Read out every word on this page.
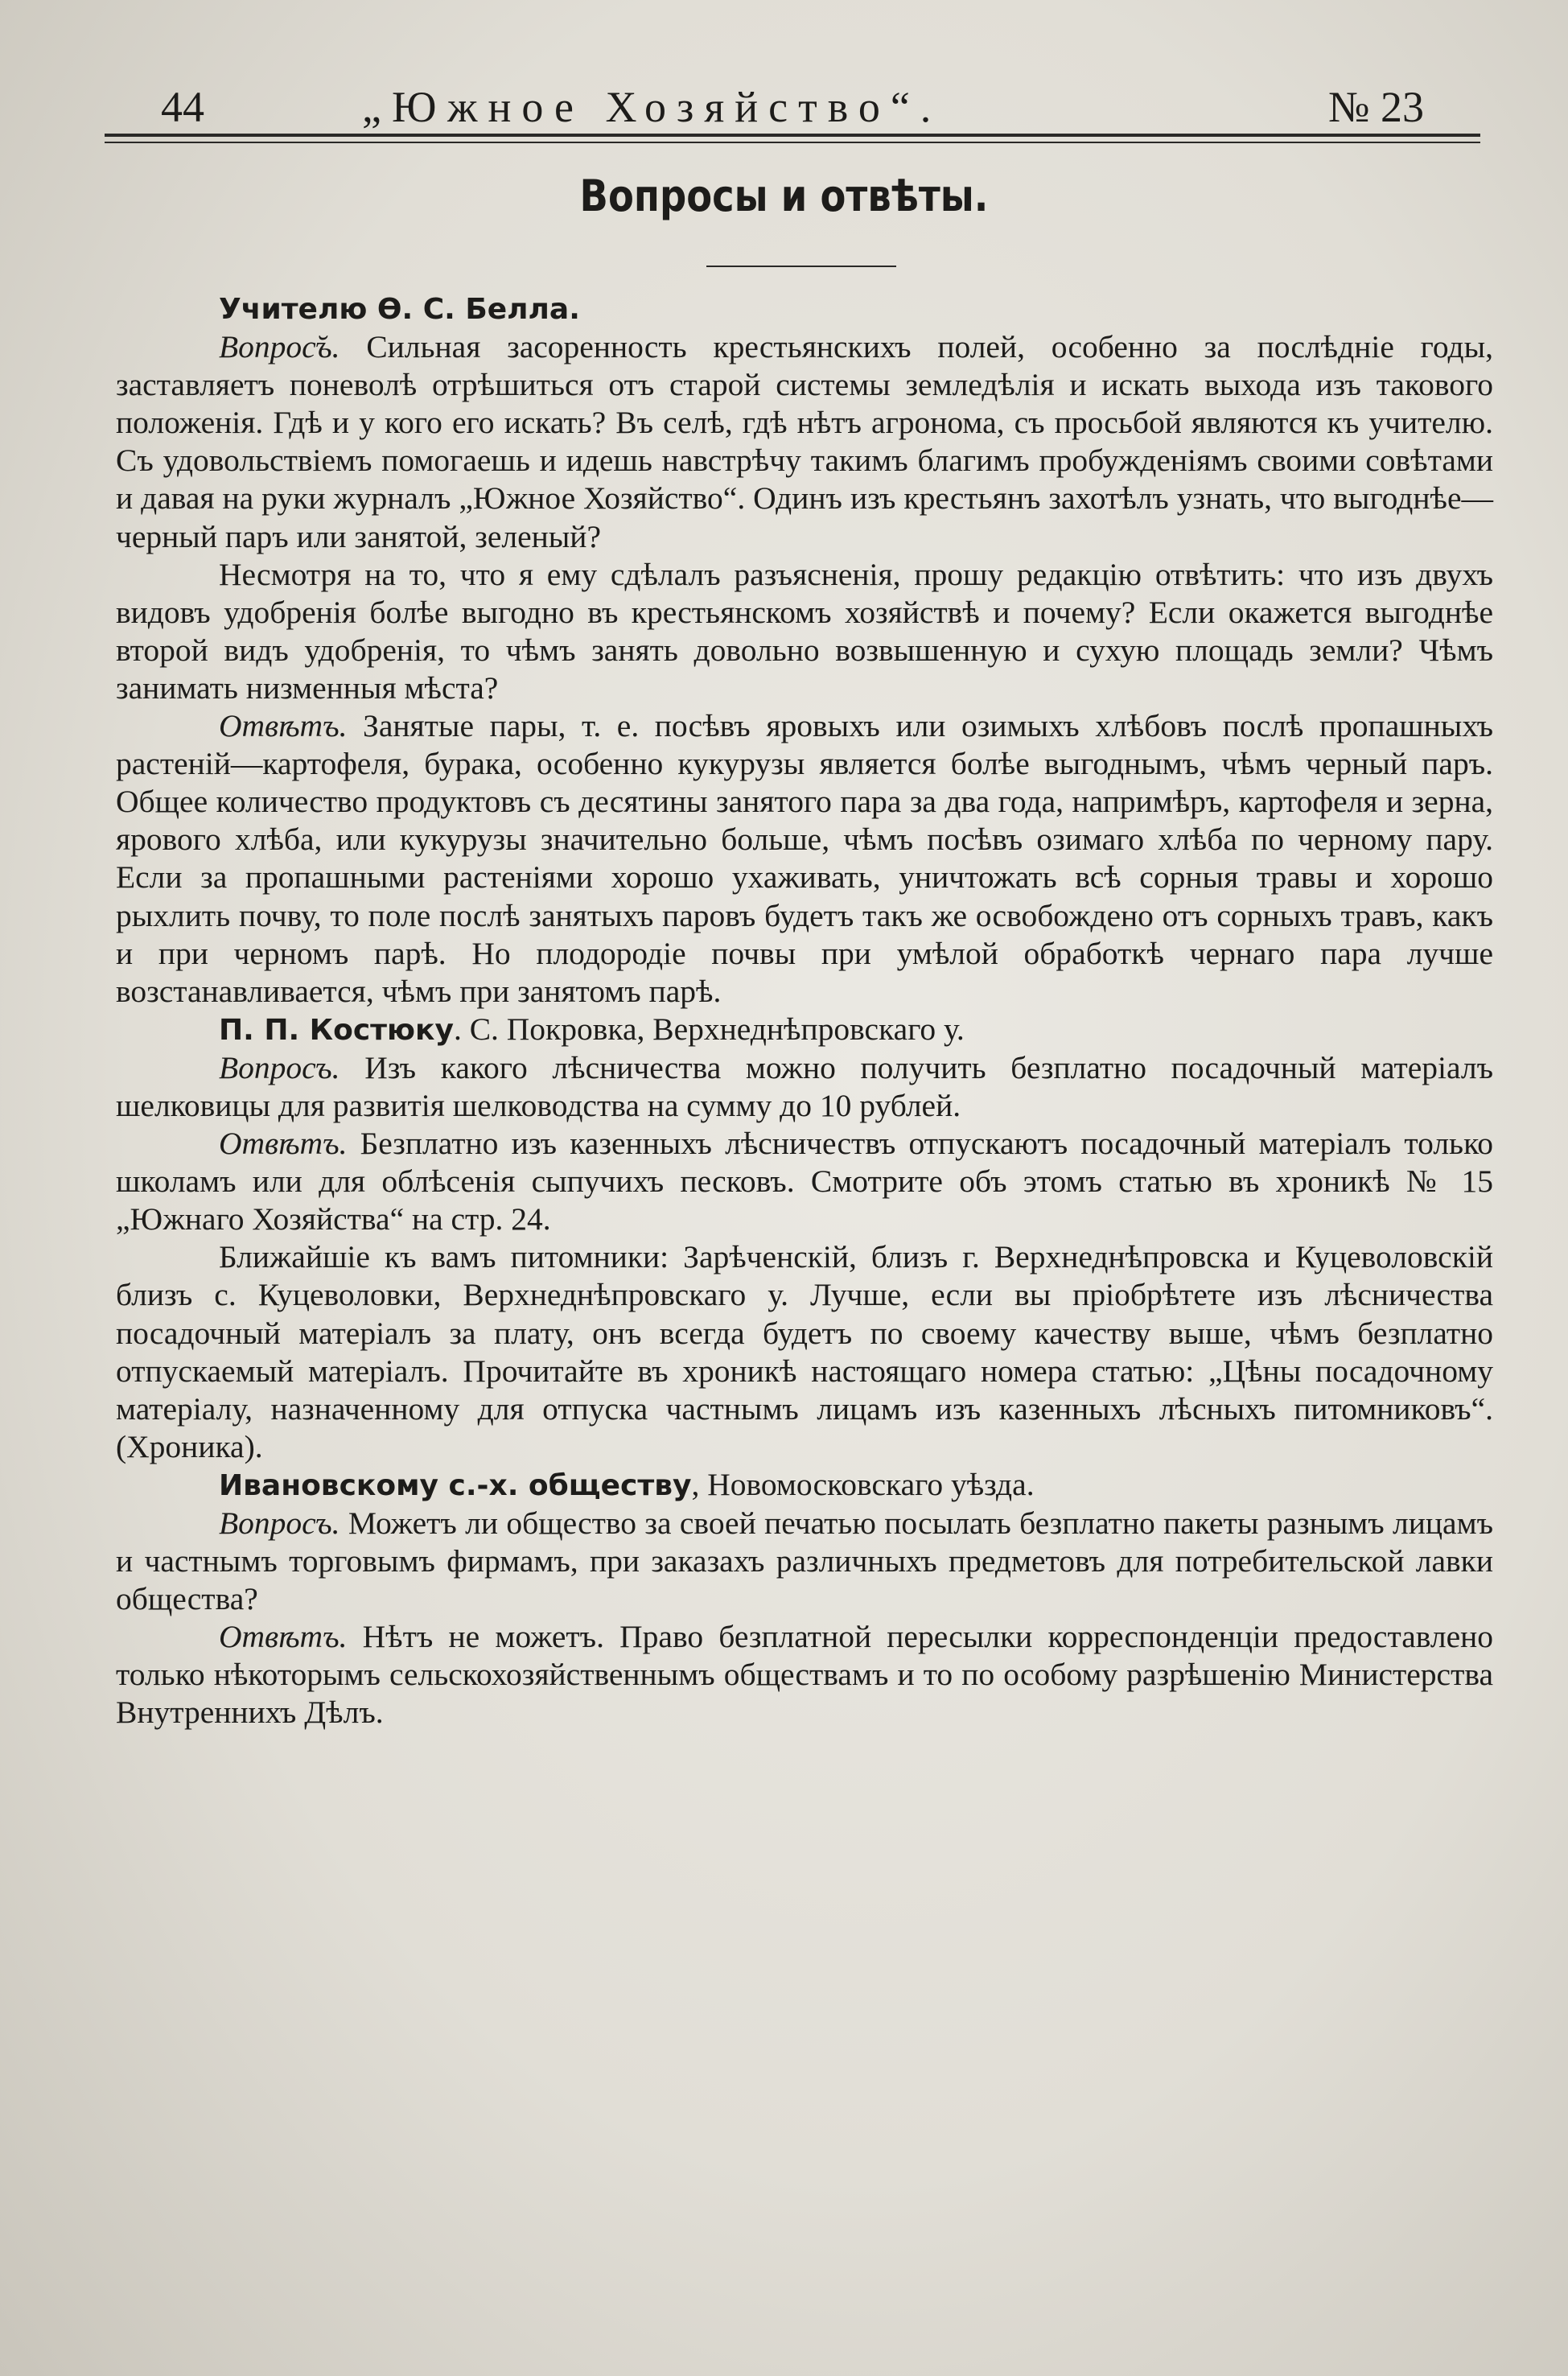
44	„Южное Хозяйство“.	№ 23
Вопросы и отвѣты.

Учителю Ѳ. С. Белла.

Вопрос̆ъ. Сильная засоренность крестьянскихъ полей, особенно за послѣдніе годы, заставляетъ поневолѣ отрѣшиться отъ старой системы земледѣлія и искать выхода изъ такового положенія. Гдѣ и у кого его искать? Въ селѣ, гдѣ нѣтъ агронома, съ просьбой являются къ учителю. Съ удовольствіемъ помогаешь и идешь навстрѣчу такимъ благимъ пробужденіямъ своими совѣтами и давая на руки журналъ „Южное Хозяйство“. Одинъ изъ крестьянъ захотѣлъ узнать, что выгоднѣе—черный паръ или занятой, зеленый?

Несмотря на то, что я ему сдѣлалъ разъясненія, прошу редакцію отвѣтить: что изъ двухъ видовъ удобренія болѣе выгодно въ крестьянскомъ хозяйствѣ и почему? Если окажется выгоднѣе второй видъ удобренія, то чѣмъ занять довольно возвышенную и сухую площадь земли? Чѣмъ занимать низменныя мѣста?

Отвѣтъ. Занятые пары, т. е. посѣвъ яровыхъ или озимыхъ хлѣбовъ послѣ пропашныхъ растеній—картофеля, бурака, особенно кукурузы является болѣе выгоднымъ, чѣмъ черный паръ. Общее количество продуктовъ съ десятины занятого пара за два года, напримѣръ, картофеля и зерна, ярового хлѣба, или кукурузы значительно больше, чѣмъ посѣвъ озимаго хлѣба по черному пару. Если за пропашными растеніями хорошо ухаживать, уничтожать всѣ сорныя травы и хорошо рыхлить почву, то поле послѣ занятыхъ паровъ будетъ такъ же освобождено отъ сорныхъ травъ, какъ и при черномъ парѣ. Но плодородіе почвы при умѣлой обработкѣ чернаго пара лучше возстанавливается, чѣмъ при занятомъ парѣ.

П. П. Костюку. С. Покровка, Верхнеднѣпровскаго у.

Вопросъ. Изъ какого лѣсничества можно получить безплатно посадочный матеріалъ шелковицы для развитія шелководства на сумму до 10 рублей.

Отвѣтъ. Безплатно изъ казенныхъ лѣсничествъ отпускаютъ посадочный матеріалъ только школамъ или для облѣсенія сыпучихъ песковъ. Смотрите объ этомъ статью въ хроникѣ № 15 „Южнаго Хозяйства“ на стр. 24.

Ближайшіе къ вамъ питомники: Зарѣченскій, близъ г. Верхнеднѣпровска и Куцеволовскій близъ с. Куцеволовки, Верхнеднѣпровскаго у. Лучше, если вы пріобрѣтете изъ лѣсничества посадочный матеріалъ за плату, онъ всегда будетъ по своему качеству выше, чѣмъ безплатно отпускаемый матеріалъ. Прочитайте въ хроникѣ настоящаго номера статью: „Цѣны посадочному матеріалу, назначенному для отпуска частнымъ лицамъ изъ казенныхъ лѣсныхъ питомниковъ“. (Хроника).

Ивановскому с.-х. обществу, Новомосковскаго уѣзда.

Вопросъ. Можетъ ли общество за своей печатью посылать безплатно пакеты разнымъ лицамъ и частнымъ торговымъ фирмамъ, при заказахъ различныхъ предметовъ для потребительской лавки общества?

Отвѣтъ. Нѣтъ не можетъ. Право безплатной пересылки корреспонденціи предоставлено только нѣкоторымъ сельскохозяйственнымъ обществамъ и то по особому разрѣшенію Министерства Внутреннихъ Дѣлъ.
